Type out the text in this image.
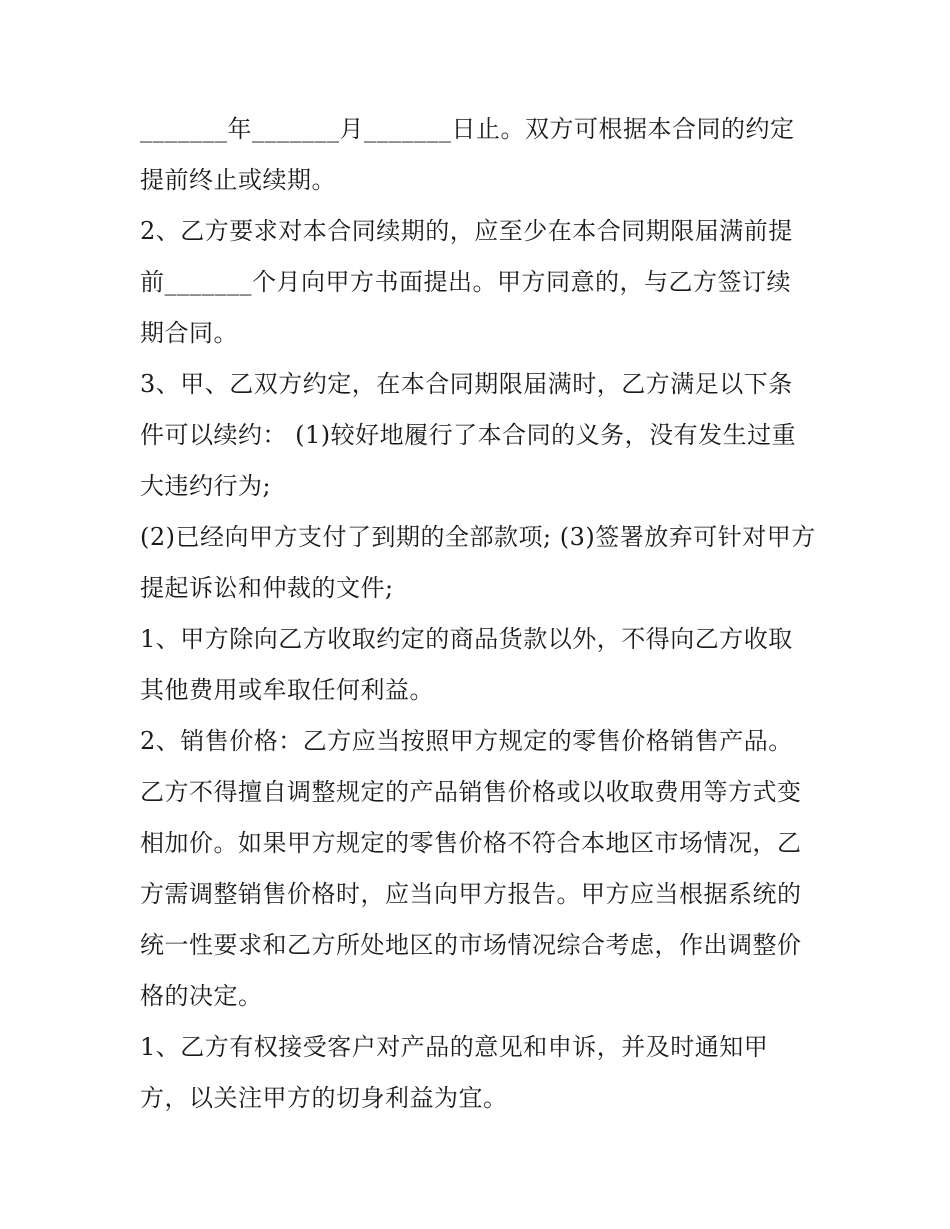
_______年_______月_______日止。双方可根据本合同的约定
提前终止或续期。
2、乙方要求对本合同续期的，应至少在本合同期限届满前提
前_______个月向甲方书面提出。甲方同意的，与乙方签订续
期合同。
3、甲、乙双方约定，在本合同期限届满时，乙方满足以下条
件可以续约： (1)较好地履行了本合同的义务，没有发生过重
大违约行为;
(2)已经向甲方支付了到期的全部款项; (3)签署放弃可针对甲方
提起诉讼和仲裁的文件;
1、甲方除向乙方收取约定的商品货款以外，不得向乙方收取
其他费用或牟取任何利益。
2、销售价格：乙方应当按照甲方规定的零售价格销售产品。
乙方不得擅自调整规定的产品销售价格或以收取费用等方式变
相加价。如果甲方规定的零售价格不符合本地区市场情况，乙
方需调整销售价格时，应当向甲方报告。甲方应当根据系统的
统一性要求和乙方所处地区的市场情况综合考虑，作出调整价
格的决定。
1、乙方有权接受客户对产品的意见和申诉，并及时通知甲
方，以关注甲方的切身利益为宜。
